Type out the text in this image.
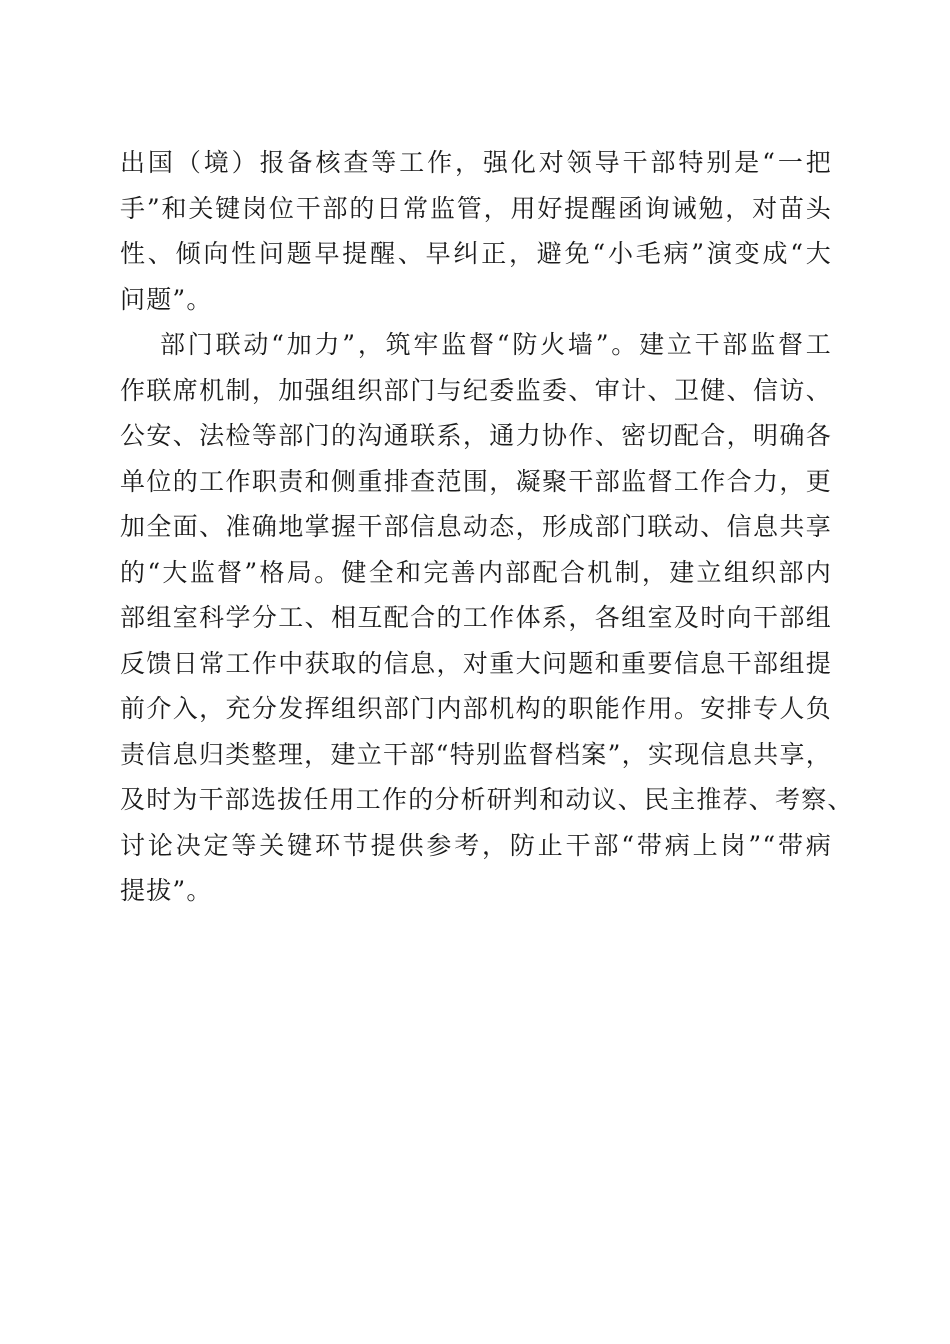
出国（境）报备核查等工作，强化对领导干部特别是“一把
手”和关键岗位干部的日常监管，用好提醒函询诫勉，对苗头
性、倾向性问题早提醒、早纠正，避免“小毛病”演变成“大
问题”。
部门联动“加力”，筑牢监督“防火墙”。建立干部监督工
作联席机制，加强组织部门与纪委监委、审计、卫健、信访、
公安、法检等部门的沟通联系，通力协作、密切配合，明确各
单位的工作职责和侧重排查范围，凝聚干部监督工作合力，更
加全面、准确地掌握干部信息动态，形成部门联动、信息共享
的“大监督”格局。健全和完善内部配合机制，建立组织部内
部组室科学分工、相互配合的工作体系，各组室及时向干部组
反馈日常工作中获取的信息，对重大问题和重要信息干部组提
前介入，充分发挥组织部门内部机构的职能作用。安排专人负
责信息归类整理，建立干部“特别监督档案”，实现信息共享，
及时为干部选拔任用工作的分析研判和动议、民主推荐、考察、
讨论决定等关键环节提供参考，防止干部“带病上岗”“带病
提拔”。
